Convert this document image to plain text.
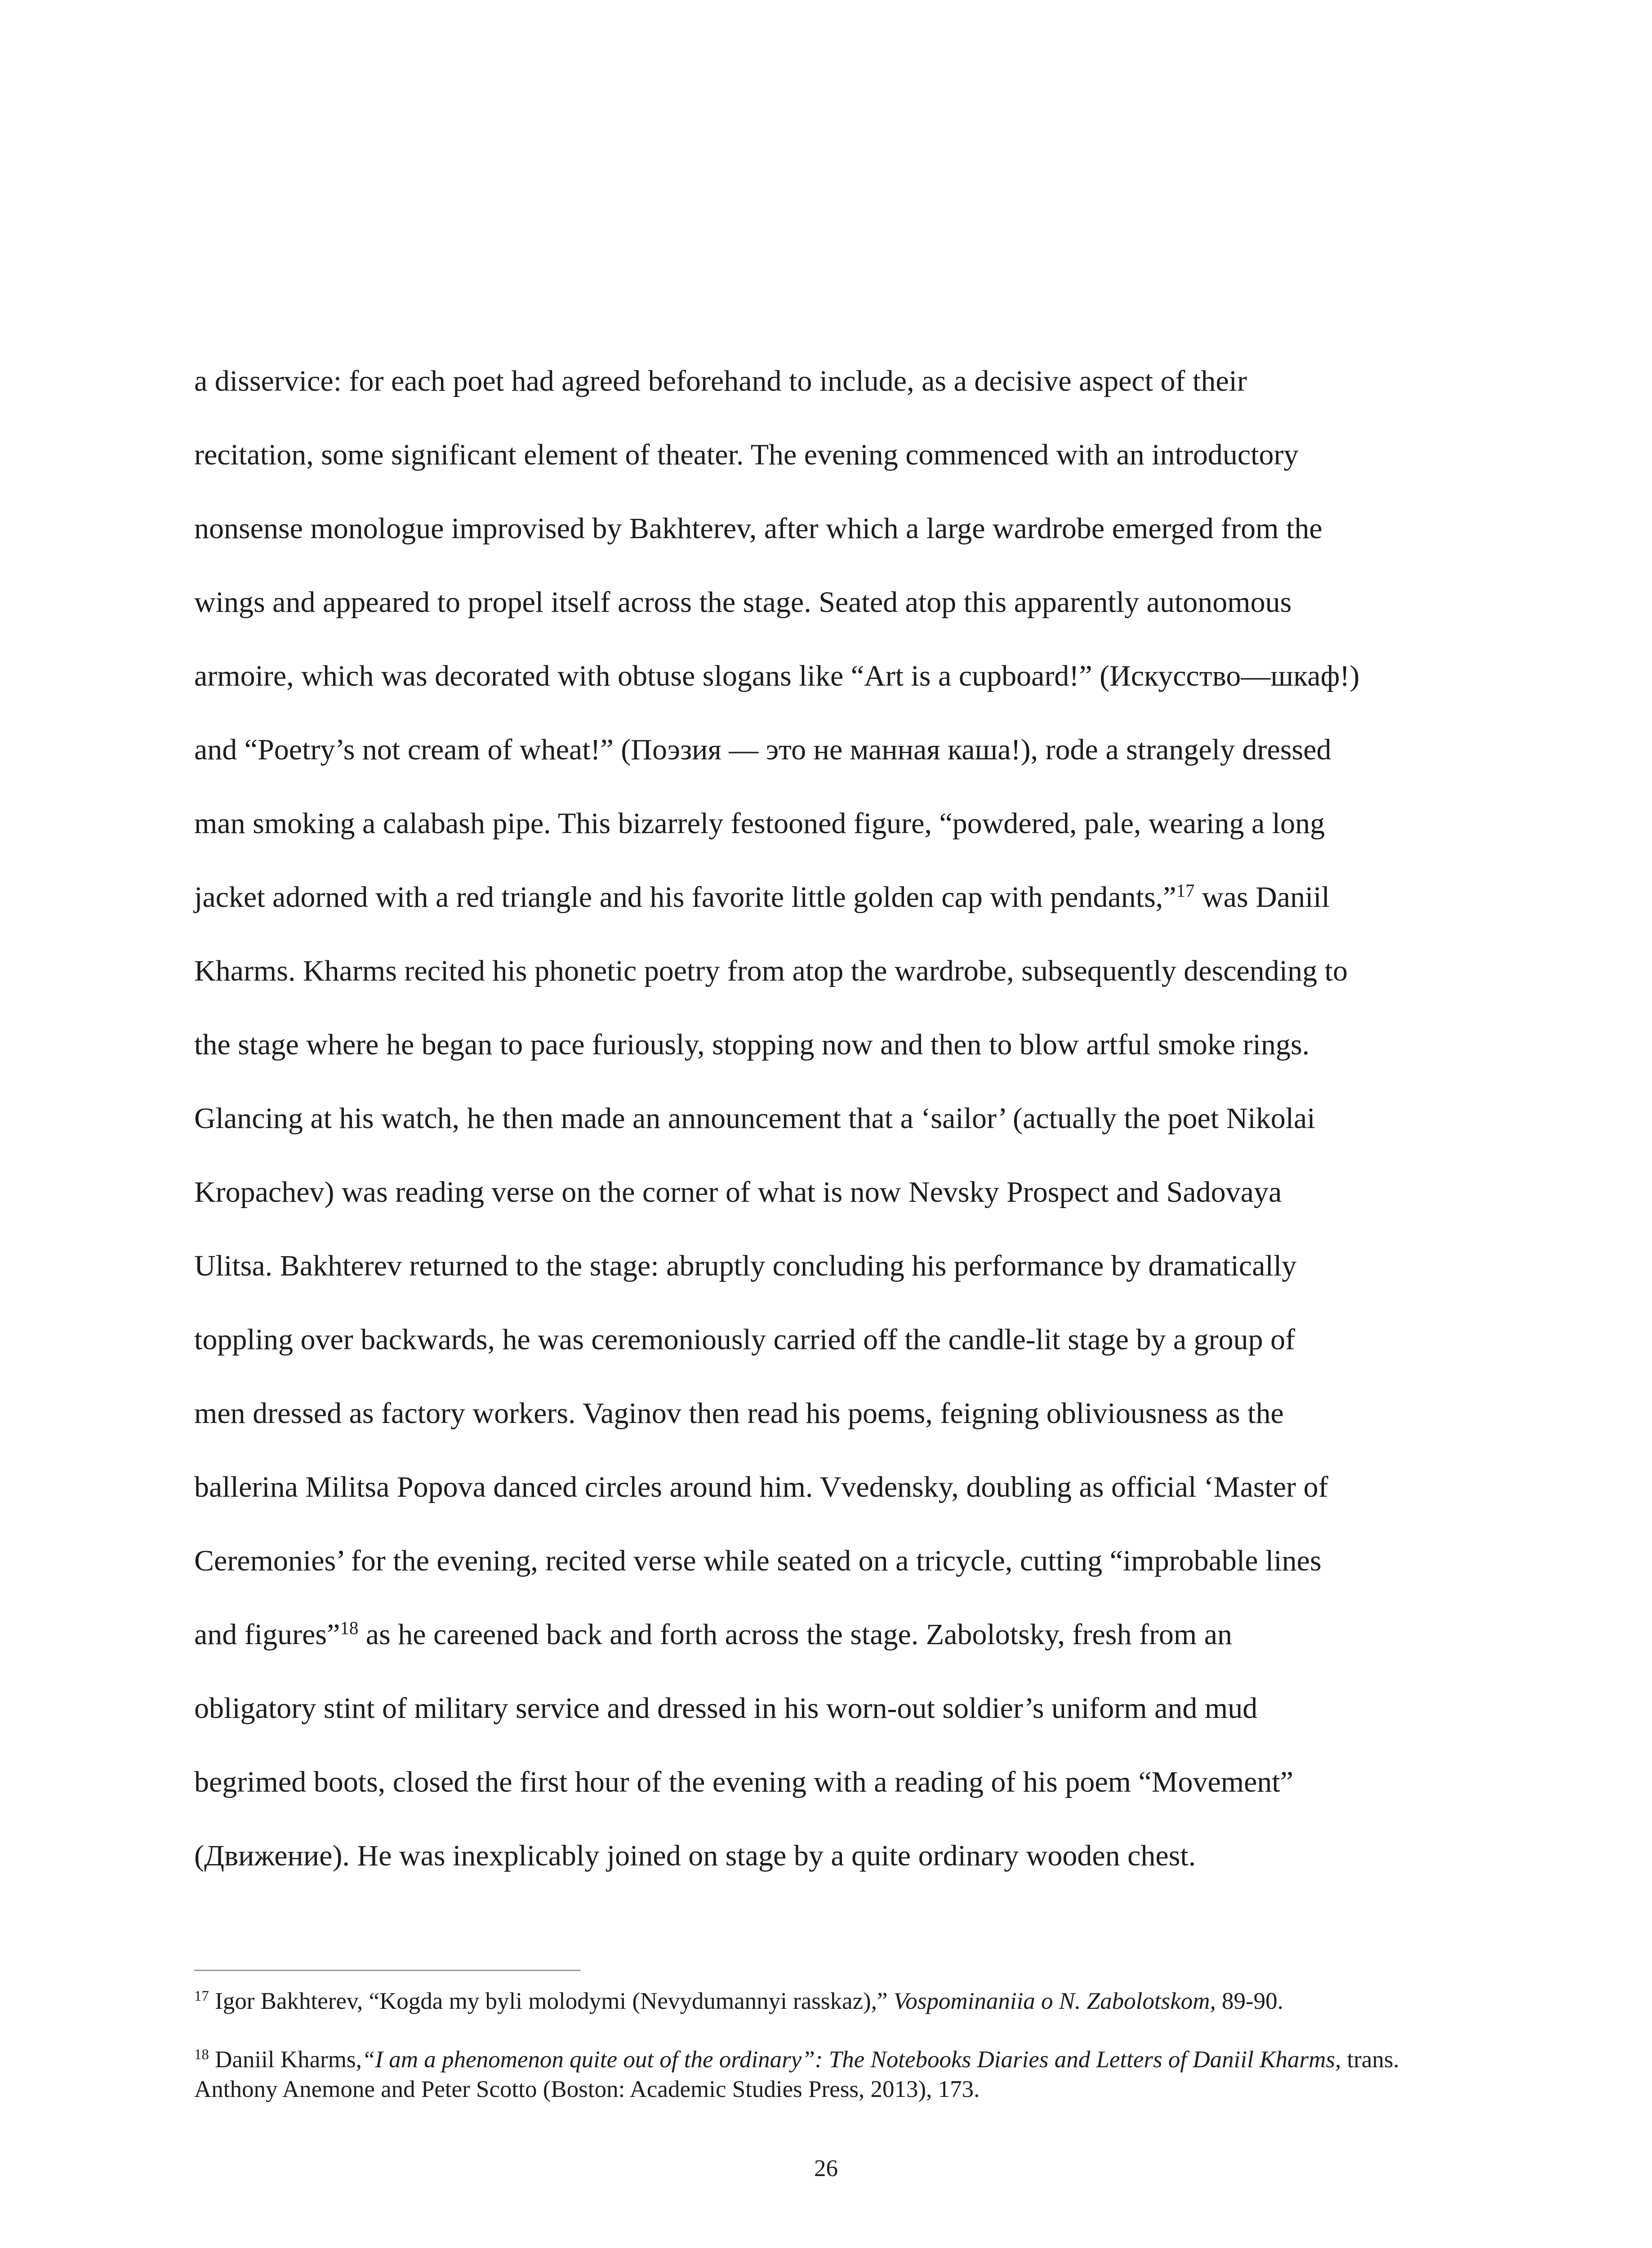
a disservice: for each poet had agreed beforehand to include, as a decisive aspect of their
recitation, some significant element of theater. The evening commenced with an introductory
nonsense monologue improvised by Bakhterev, after which a large wardrobe emerged from the
wings and appeared to propel itself across the stage. Seated atop this apparently autonomous
armoire, which was decorated with obtuse slogans like “Art is a cupboard!” (Искусство—шкаф!)
and “Poetry’s not cream of wheat!” (Поэзия — это не манная каша!), rode a strangely dressed
man smoking a calabash pipe. This bizarrely festooned figure, “powdered, pale, wearing a long
jacket adorned with a red triangle and his favorite little golden cap with pendants,”$^{17}$ was Daniil
Kharms. Kharms recited his phonetic poetry from atop the wardrobe, subsequently descending to
the stage where he began to pace furiously, stopping now and then to blow artful smoke rings.
Glancing at his watch, he then made an announcement that a ‘sailor’ (actually the poet Nikolai
Kropachev) was reading verse on the corner of what is now Nevsky Prospect and Sadovaya
Ulitsa. Bakhterev returned to the stage: abruptly concluding his performance by dramatically
toppling over backwards, he was ceremoniously carried off the candle-lit stage by a group of
men dressed as factory workers. Vaginov then read his poems, feigning obliviousness as the
ballerina Militsa Popova danced circles around him. Vvedensky, doubling as official ‘Master of
Ceremonies’ for the evening, recited verse while seated on a tricycle, cutting “improbable lines
and figures”$^{18}$ as he careened back and forth across the stage. Zabolotsky, fresh from an
obligatory stint of military service and dressed in his worn-out soldier’s uniform and mud
begrimed boots, closed the first hour of the evening with a reading of his poem “Movement”
(Движение). He was inexplicably joined on stage by a quite ordinary wooden chest.
$^{17}$ Igor Bakhterev, “Kogda my byli molodymi (Nevydumannyi rasskaz),” Vospominaniia o N. Zabolotskom, 89-90.
$^{18}$ Daniil Kharms,“I am a phenomenon quite out of the ordinary”: The Notebooks Diaries and Letters of Daniil Kharms, trans. Anthony Anemone and Peter Scotto (Boston: Academic Studies Press, 2013), 173.
26
